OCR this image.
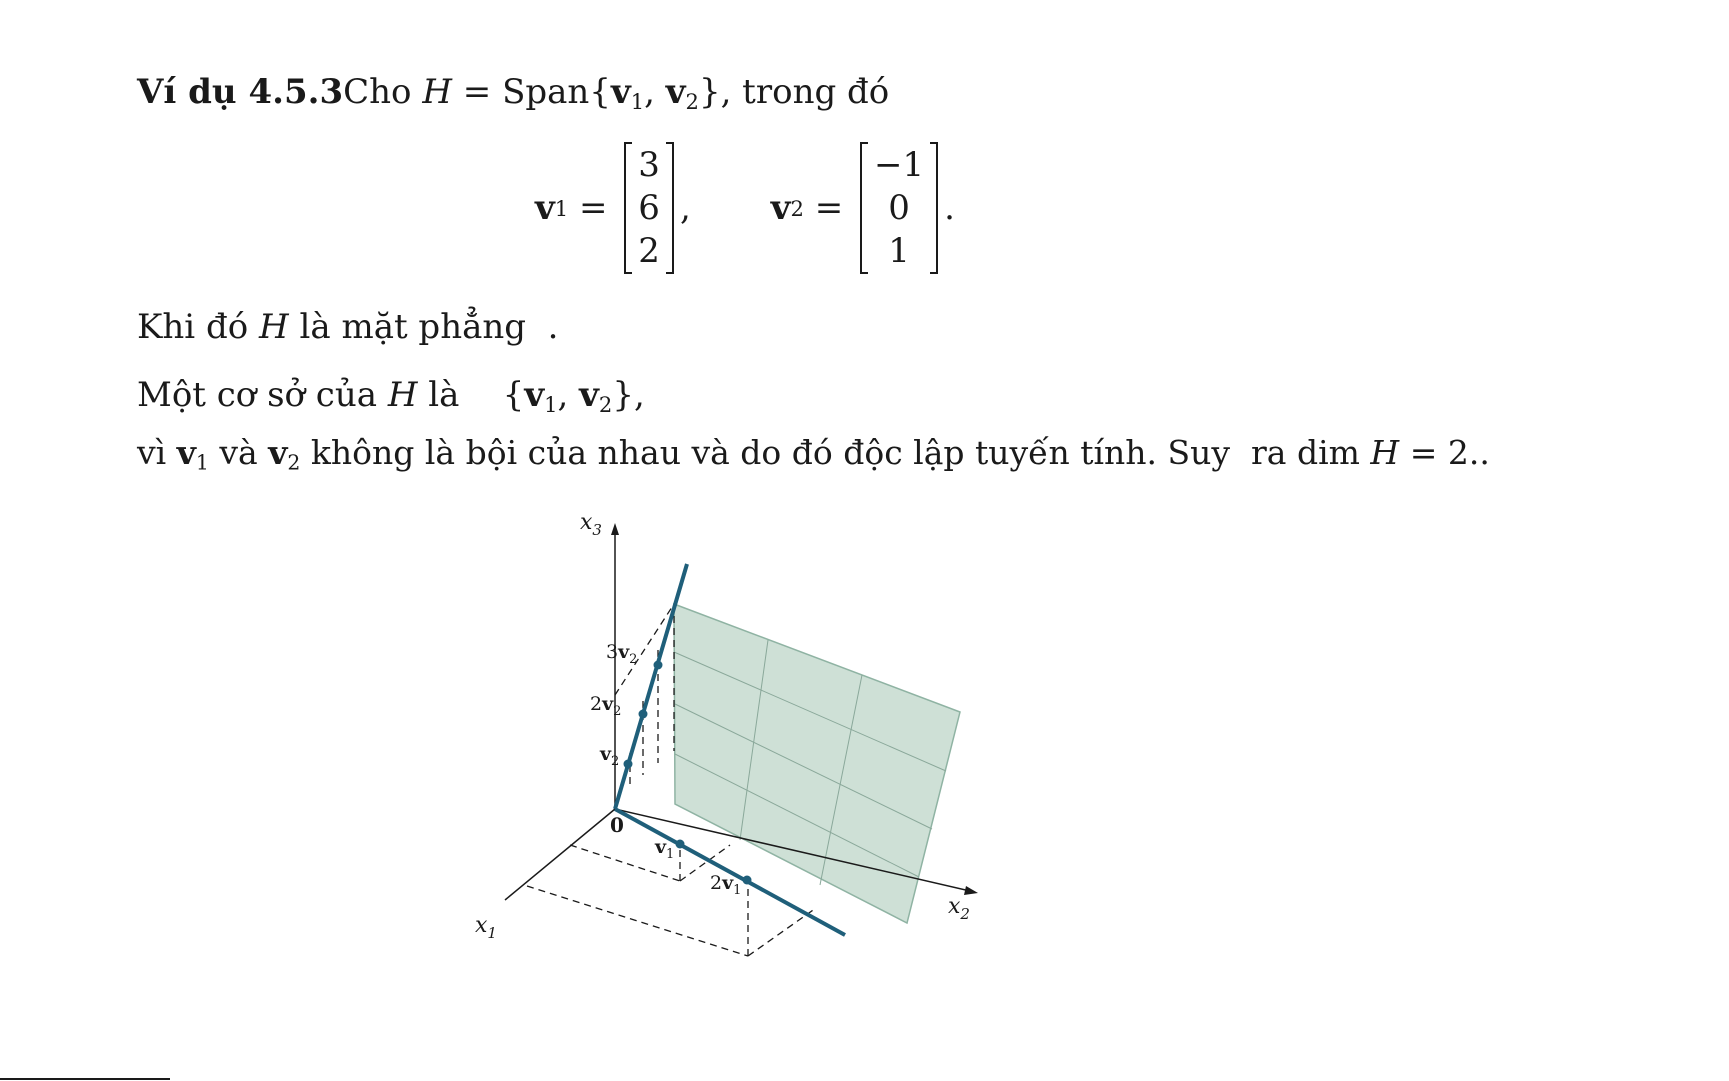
Ví dụ 4.5.3Cho $H = Span\{v_1$, $v_2$}, trong đó
v 1 =
3
6
2
, v 2 =
−1
0
1
.
Khi đó H là mặt phẳng  .
Một cơ sở của H là    {$v_1$, $v_2$},
vì $v_1$ và $v_2$ không là bội của nhau và do đó độc lập tuyến tính. Suy  ra dim H = 2..
$x_3$
$x_1$
$x_2$
0
$v_1$
$2v_1$
$v_2$
$2v_2$
$3v_2$
